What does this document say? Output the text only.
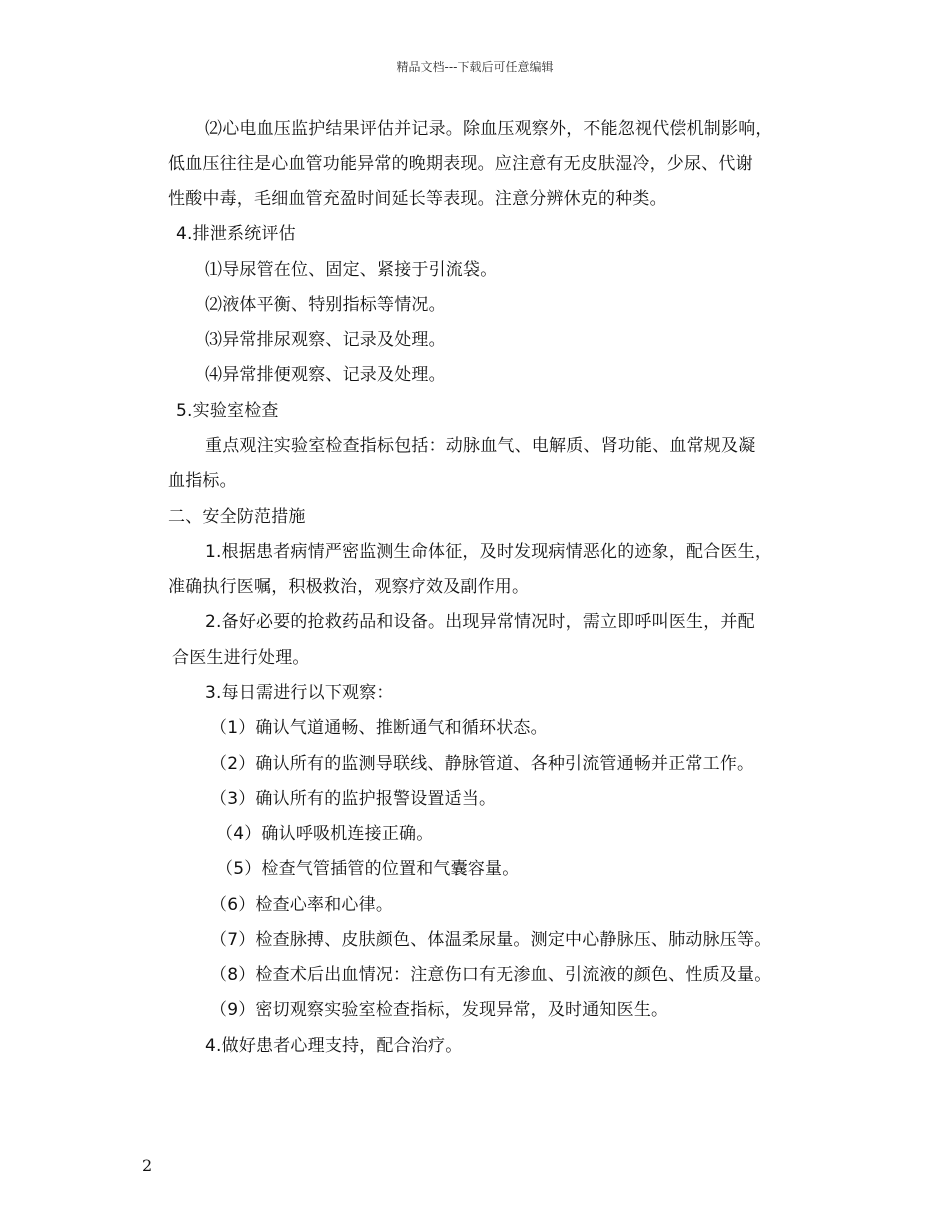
精品文档---下载后可任意编辑
⑵心电血压监护结果评估并记录。除血压观察外，不能忽视代偿机制影响，
低血压往往是心血管功能异常的晚期表现。应注意有无皮肤湿冷，少尿、代谢
性酸中毒，毛细血管充盈时间延长等表现。注意分辨休克的种类。
4.排泄系统评估
⑴导尿管在位、固定、紧接于引流袋。
⑵液体平衡、特别指标等情况。
⑶异常排尿观察、记录及处理。
⑷异常排便观察、记录及处理。
5.实验室检查
重点观注实验室检查指标包括：动脉血气、电解质、肾功能、血常规及凝
血指标。
二、安全防范措施
1.根据患者病情严密监测生命体征，及时发现病情恶化的迹象，配合医生，
准确执行医嘱，积极救治，观察疗效及副作用。
2.备好必要的抢救药品和设备。出现异常情况时，需立即呼叫医生，并配
合医生进行处理。
3.每日需进行以下观察：
（1）确认气道通畅、推断通气和循环状态。
（2）确认所有的监测导联线、静脉管道、各种引流管通畅并正常工作。
（3）确认所有的监护报警设置适当。
（4）确认呼吸机连接正确。
（5）检查气管插管的位置和气囊容量。
（6）检查心率和心律。
（7）检查脉搏、皮肤颜色、体温柔尿量。测定中心静脉压、肺动脉压等。
（8）检查术后出血情况：注意伤口有无渗血、引流液的颜色、性质及量。
（9）密切观察实验室检查指标，发现异常，及时通知医生。
4.做好患者心理支持，配合治疗。
2
